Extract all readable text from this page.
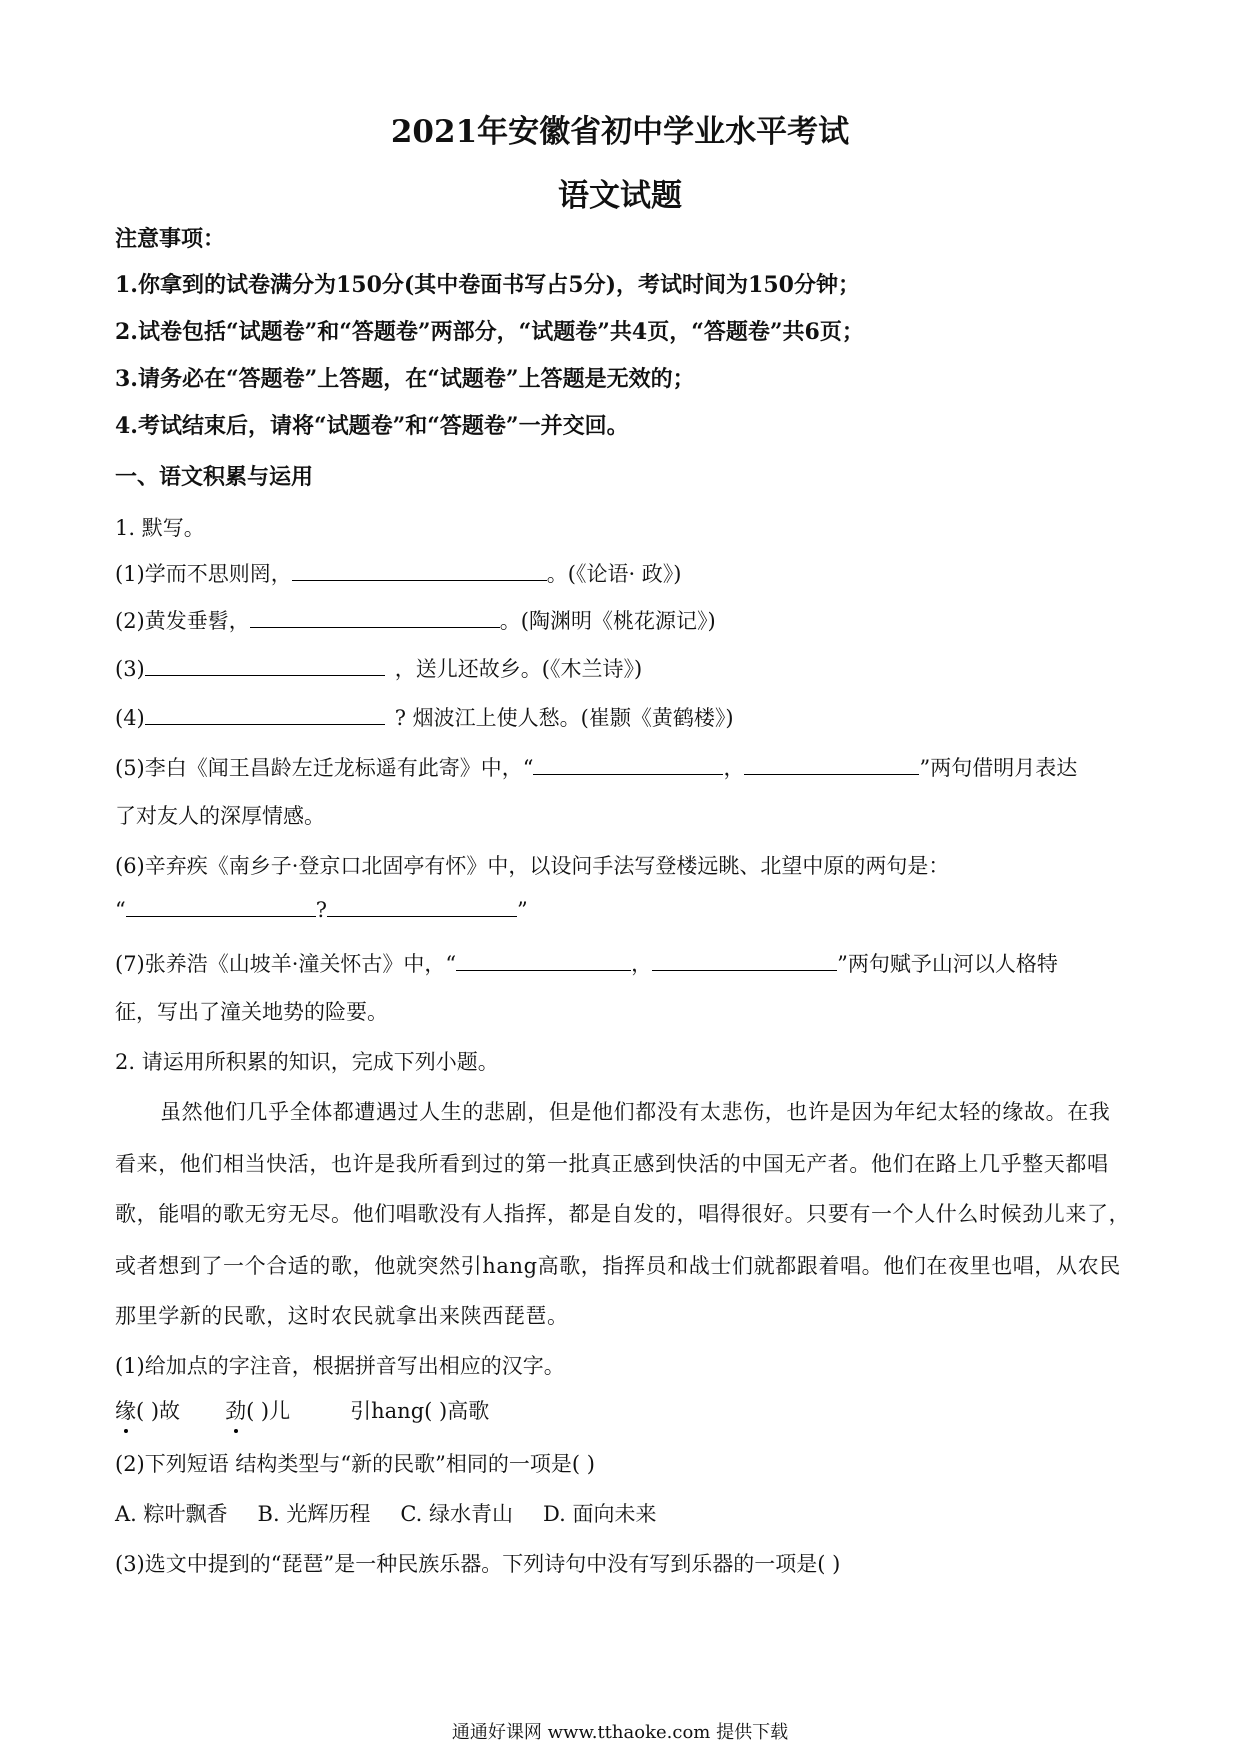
2021年安徽省初中学业水平考试
语文试题
注意事项：
1.你拿到的试卷满分为150分(其中卷面书写占5分)，考试时间为150分钟；
2.试卷包括“试题卷”和“答题卷”两部分，“试题卷”共4页，“答题卷”共6页；
3.请务必在“答题卷”上答题，在“试题卷”上答题是无效的；
4.考试结束后，请将“试题卷”和“答题卷”一并交回。
一、语文积累与运用
1. 默写。
(1)学而不思则罔，	。(《论语· 政》)
(2)黄发垂髫，	。(陶渊明《桃花源记》)
(3)	，送儿还故乡。(《木兰诗》)
(4)	? 烟波江上使人愁。(崔颢《黄鹤楼》)
(5)李白《闻王昌龄左迁龙标遥有此寄》中，“	，	”两句借明月表达
了对友人的深厚情感。
(6)辛弃疾《南乡子·登京口北固亭有怀》中，以设问手法写登楼远眺、北望中原的两句是：
“	?	”
(7)张养浩《山坡羊·潼关怀古》中，“	，	”两句赋予山河以人格特
征，写出了潼关地势的险要。
2. 请运用所积累的知识，完成下列小题。
虽然他们几乎全体都遭遇过人生的悲剧，但是他们都没有太悲伤，也许是因为年纪太轻的缘故。在我
看来，他们相当快活，也许是我所看到过的第一批真正感到快活的中国无产者。他们在路上几乎整天都唱
歌，能唱的歌无穷无尽。他们唱歌没有人指挥，都是自发的，唱得很好。只要有一个人什么时候劲儿来了，
或者想到了一个合适的歌，他就突然引hang高歌，指挥员和战士们就都跟着唱。他们在夜里也唱，从农民
那里学新的民歌，这时农民就拿出来陕西琵琶。
(1)给加点的字注音，根据拼音写出相应的汉字。
缘( )故 劲( )儿	引hang( )高歌
(2)下列短语 结构类型与“新的民歌”相同的一项是( )
A. 粽叶飘香 B. 光辉历程 C. 绿水青山 D. 面向未来
(3)选文中提到的“琵琶”是一种民族乐器。下列诗句中没有写到乐器的一项是( )
通通好课网 www.tthaoke.com 提供下载
